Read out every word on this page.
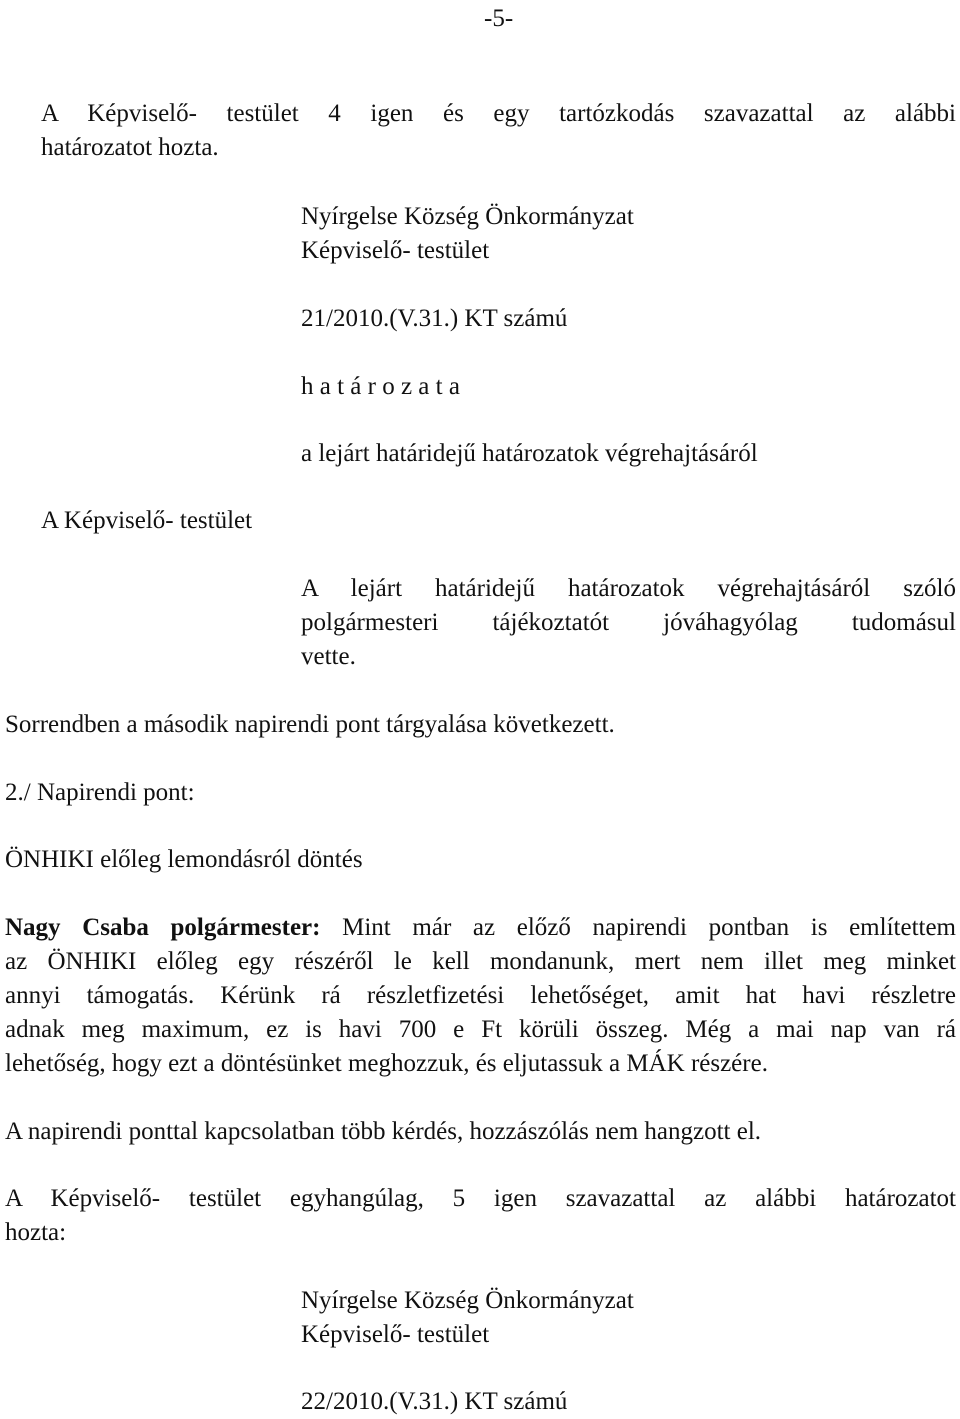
-5-
A Képviselő- testület 4 igen és egy tartózkodás szavazattal az alábbi
határozatot hozta.
Nyírgelse Község Önkormányzat
Képviselő- testület
21/2010.(V.31.) KT számú
h a t á r o z a t a
a lejárt határidejű határozatok végrehajtásáról
A Képviselő- testület
A lejárt határidejű határozatok végrehajtásáról szóló
polgármesteri tájékoztatót jóváhagyólag tudomásul
vette.
Sorrendben a második napirendi pont tárgyalása következett.
2./ Napirendi pont:
ÖNHIKI előleg lemondásról döntés
Nagy Csaba polgármester: Mint már az előző napirendi pontban is említettem
az ÖNHIKI előleg egy részéről le kell mondanunk, mert nem illet meg minket
annyi támogatás. Kérünk rá részletfizetési lehetőséget, amit hat havi részletre
adnak meg maximum, ez is havi 700 e Ft körüli összeg. Még a mai nap van rá
lehetőség, hogy ezt a döntésünket meghozzuk, és eljutassuk a MÁK részére.
A napirendi ponttal kapcsolatban több kérdés, hozzászólás nem hangzott el.
A Képviselő- testület egyhangúlag, 5 igen szavazattal az alábbi határozatot
hozta:
Nyírgelse Község Önkormányzat
Képviselő- testület
22/2010.(V.31.) KT számú
